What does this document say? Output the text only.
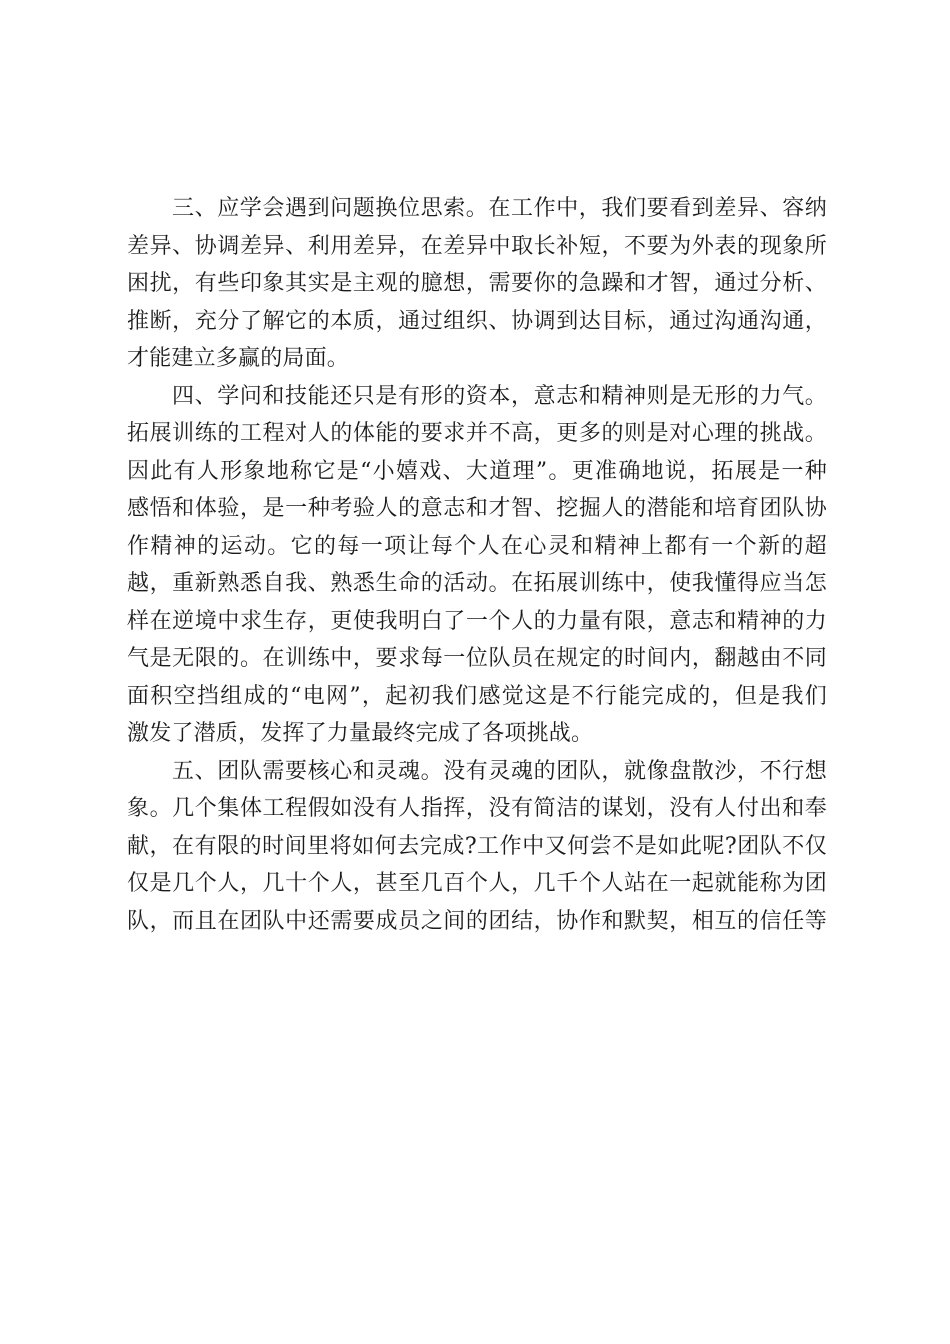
三、应学会遇到问题换位思索。在工作中，我们要看到差异、容纳
差异、协调差异、利用差异，在差异中取长补短，不要为外表的现象所
困扰，有些印象其实是主观的臆想，需要你的急躁和才智，通过分析、
推断，充分了解它的本质，通过组织、协调到达目标，通过沟通沟通，
才能建立多赢的局面。
四、学问和技能还只是有形的资本，意志和精神则是无形的力气。
拓展训练的工程对人的体能的要求并不高，更多的则是对心理的挑战。
因此有人形象地称它是“小嬉戏、大道理”。更准确地说，拓展是一种
感悟和体验，是一种考验人的意志和才智、挖掘人的潜能和培育团队协
作精神的运动。它的每一项让每个人在心灵和精神上都有一个新的超
越，重新熟悉自我、熟悉生命的活动。在拓展训练中，使我懂得应当怎
样在逆境中求生存，更使我明白了一个人的力量有限，意志和精神的力
气是无限的。在训练中，要求每一位队员在规定的时间内，翻越由不同
面积空挡组成的“电网”，起初我们感觉这是不行能完成的，但是我们
激发了潜质，发挥了力量最终完成了各项挑战。
五、团队需要核心和灵魂。没有灵魂的团队，就像盘散沙，不行想
象。几个集体工程假如没有人指挥，没有简洁的谋划，没有人付出和奉
献，在有限的时间里将如何去完成?工作中又何尝不是如此呢?团队不仅
仅是几个人，几十个人，甚至几百个人，几千个人站在一起就能称为团
队，而且在团队中还需要成员之间的团结，协作和默契，相互的信任等
